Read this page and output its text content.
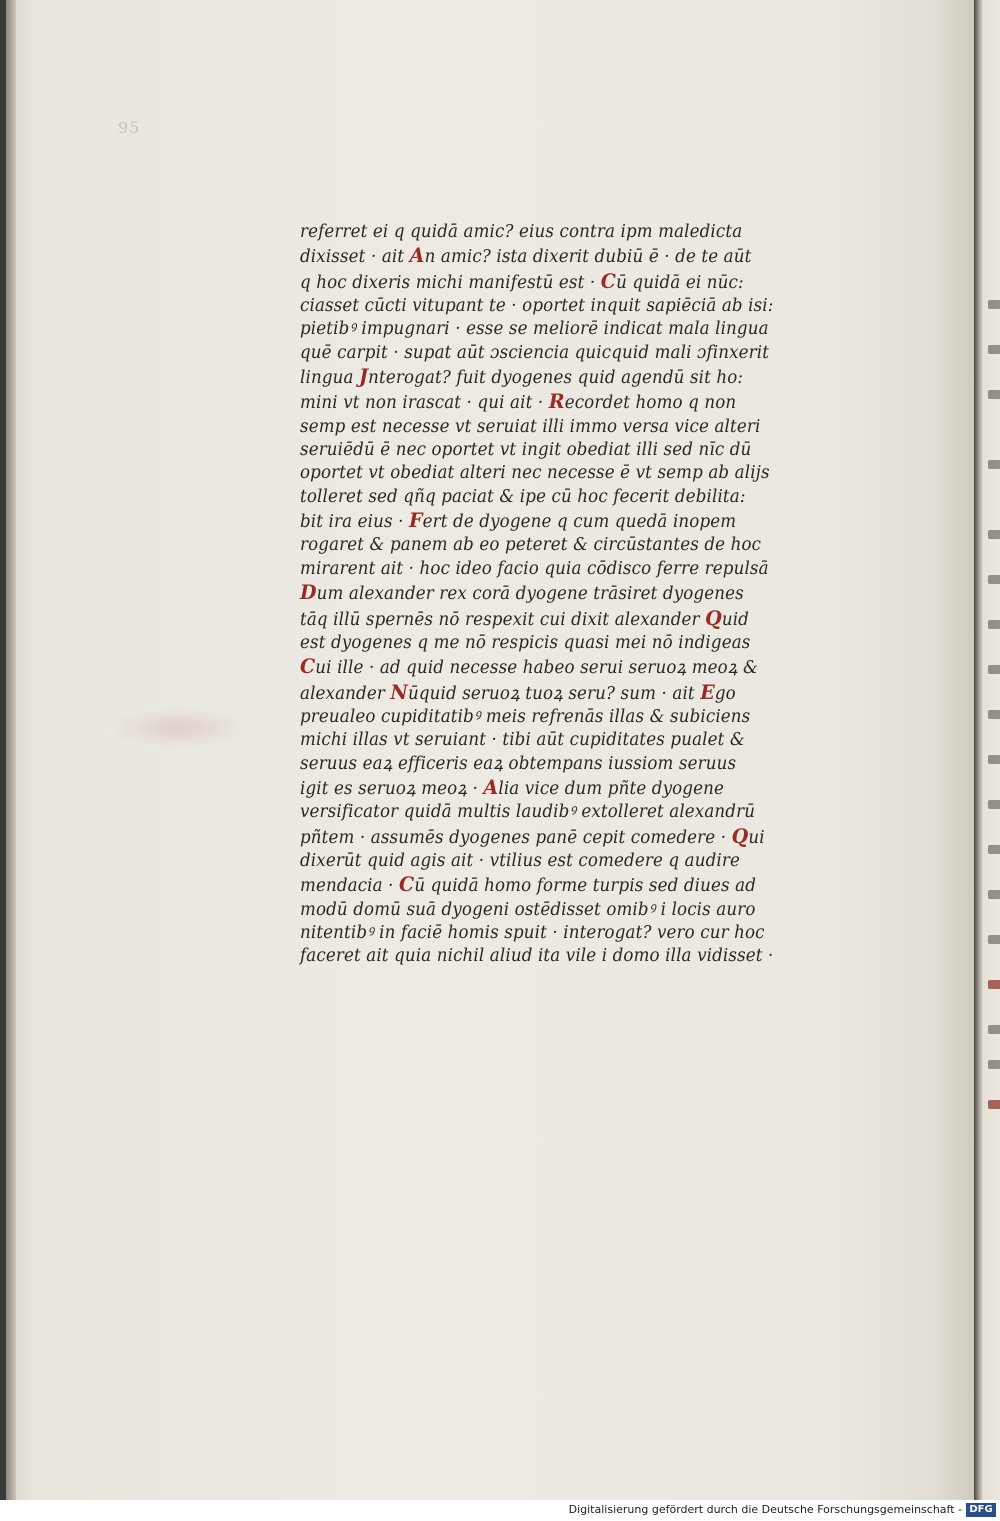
95
referret ei q quidā amic? eius contra ipm maledicta
dixisset · ait An amic? ista dixerit dubiū ē · de te aūt
q hoc dixeris michi manifestū est · Cū quidā ei nūc:
ciasset cūcti vitupant te · oportet inquit sapiēciā ab isi:
pietibꝰ impugnari · esse se meliorē indicat mala lingua
quē carpit · supat aūt ɔsciencia quicquid mali ɔfinxerit
lingua Jnterogat? fuit dyogenes quid agendū sit ho:
mini vt non irascat · qui ait · Recordet homo q non
semp est necesse vt seruiat illi immo versa vice alteri
seruiēdū ē nec oportet vt ingit obediat illi sed nīc dū
oportet vt obediat alteri nec necesse ē vt semp ab alijs
tolleret sed qñq paciat & ipe cū hoc fecerit debilita:
bit ira eius · Fert de dyogene q cum quedā inopem
rogaret & panem ab eo peteret & circūstantes de hoc
mirarent ait · hoc ideo facio quia cōdisco ferre repulsā
Dum alexander rex corā dyogene trāsiret dyogenes
tāq illū spernēs nō respexit cui dixit alexander Quid
est dyogenes q me nō respicis quasi mei nō indigeas
Cui ille · ad quid necesse habeo serui seruoꝝ meoꝝ &
alexander Nūquid seruoꝝ tuoꝝ seru? sum · ait Ego
preualeo cupiditatibꝰ meis refrenās illas & subiciens
michi illas vt seruiant · tibi aūt cupiditates pualet &
seruus eaꝝ efficeris eaꝝ obtempans iussiom seruus
igit es seruoꝝ meoꝝ · Alia vice dum pñte dyogene
versificator quidā multis laudibꝰ extolleret alexandrū
pñtem · assumēs dyogenes panē cepit comedere · Qui
dixerūt quid agis ait · vtilius est comedere q audire
mendacia · Cū quidā homo forme turpis sed diues ad
modū domū suā dyogeni ostēdisset omibꝰ i locis auro
nitentibꝰ in faciē homis spuit · interogat? vero cur hoc
faceret ait quia nichil aliud ita vile i domo illa vidisset ·
Digitalisierung gefördert durch die Deutsche Forschungsgemeinschaft - DFG
